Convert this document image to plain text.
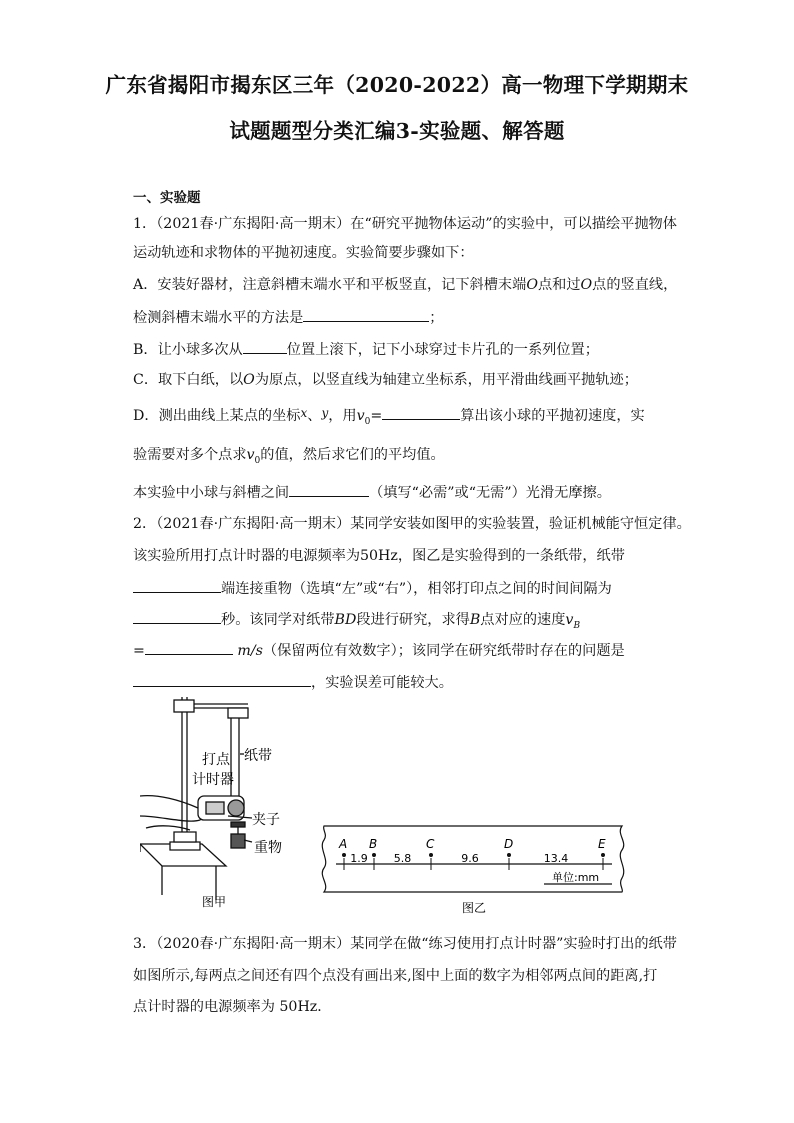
广东省揭阳市揭东区三年（2020-2022）高一物理下学期期末
试题题型分类汇编3-实验题、解答题
一、实验题
1．（2021春·广东揭阳·高一期末）在“研究平抛物体运动”的实验中，可以描绘平抛物体
运动轨迹和求物体的平抛初速度。实验简要步骤如下：
A．安装好器材，注意斜槽末端水平和平板竖直，记下斜槽末端O点和过O点的竖直线，
检测斜槽末端水平的方法是	；
B．让小球多次从	位置上滚下，记下小球穿过卡片孔的一系列位置；
C．取下白纸，以O为原点，以竖直线为轴建立坐标系，用平滑曲线画平抛轨迹；
D．测出曲线上某点的坐标$^x$、$^y$，用$v_0=$	算出该小球的平抛初速度，实
验需要对多个点求$v_0$的值，然后求它们的平均值。
本实验中小球与斜槽之间	（填写“必需”或“无需”）光滑无摩擦。
2．（2021春·广东揭阳·高一期末）某同学安装如图甲的实验装置，验证机械能守恒定律。
该实验所用打点计时器的电源频率为50Hz，图乙是实验得到的一条纸带，纸带
端连接重物（选填“左”或“右”），相邻打印点之间的时间间隔为
秒。该同学对纸带BD段进行研究，求得B点对应的速度$v_B$
=	m/s（保留两位有效数字）；该同学在研究纸带时存在的问题是
，实验误差可能较大。
打点
计时器
纸带
夹子
重物
图甲
A B	C	D	E
1.9 5.8	9.6	13.4
单位:mm
图乙
3．（2020春·广东揭阳·高一期末）某同学在做“练习使用打点计时器”实验时打出的纸带
如图所示,每两点之间还有四个点没有画出来,图中上面的数字为相邻两点间的距离,打
点计时器的电源频率为 50Hz．
